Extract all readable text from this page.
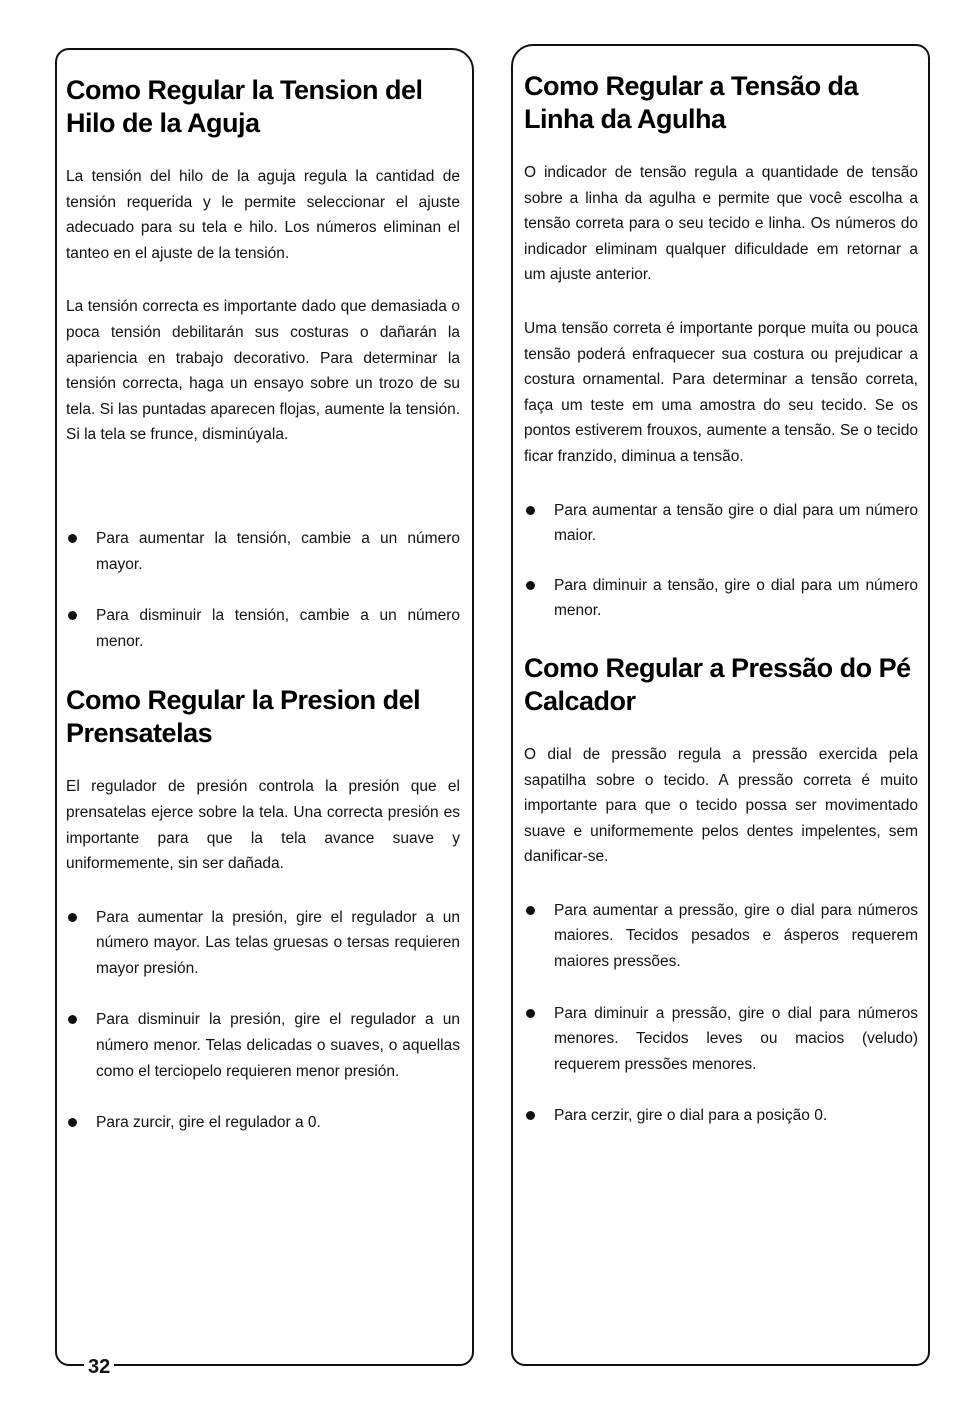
Como Regular la Tension del Hilo de la Aguja

La tensión del hilo de la aguja regula la cantidad de tensión requerida y le permite seleccionar el ajuste adecuado para su tela e hilo. Los números eliminan el tanteo en el ajuste de la tensión.

La tensión correcta es importante dado que demasiada o poca tensión debilitarán sus costuras o dañarán la apariencia en trabajo decorativo. Para determinar la tensión correcta, haga un ensayo sobre un trozo de su tela. Si las puntadas aparecen flojas, aumente la tensión. Si la tela se frunce, disminúyala.

Para aumentar la tensión, cambie a un número mayor.
Para disminuir la tensión, cambie a un número menor.
Como Regular la Presion del Prensatelas

El regulador de presión controla la presión que el prensatelas ejerce sobre la tela. Una correcta presión es importante para que la tela avance suave y uniformemente, sin ser dañada.

Para aumentar la presión, gire el regulador a un número mayor. Las telas gruesas o tersas requieren mayor presión.
Para disminuir la presión, gire el regulador a un número menor. Telas delicadas o suaves, o aquellas como el terciopelo requieren menor presión.
Para zurcir, gire el regulador a 0.
Como Regular a Tensão da Linha da Agulha

O indicador de tensão regula a quantidade de tensão sobre a linha da agulha e permite que você escolha a tensão correta para o seu tecido e linha. Os números do indicador eliminam qualquer dificuldade em retornar a um ajuste anterior.

Uma tensão correta é importante porque muita ou pouca tensão poderá enfraquecer sua costura ou prejudicar a costura ornamental. Para determinar a tensão correta, faça um teste em uma amostra do seu tecido. Se os pontos estiverem frouxos, aumente a tensão. Se o tecido ficar franzido, diminua a tensão.

Para aumentar a tensão gire o dial para um número maior.
Para diminuir a tensão, gire o dial para um número menor.
Como Regular a Pressão do Pé Calcador

O dial de pressão regula a pressão exercida pela sapatilha sobre o tecido. A pressão correta é muito importante para que o tecido possa ser movimentado suave e uniformemente pelos dentes impelentes, sem danificar-se.

Para aumentar a pressão, gire o dial para números maiores. Tecidos pesados e ásperos requerem maiores pressões.
Para diminuir a pressão, gire o dial para números menores. Tecidos leves ou macios (veludo) requerem pressões menores.
Para cerzir, gire o dial para a posição 0.
32
